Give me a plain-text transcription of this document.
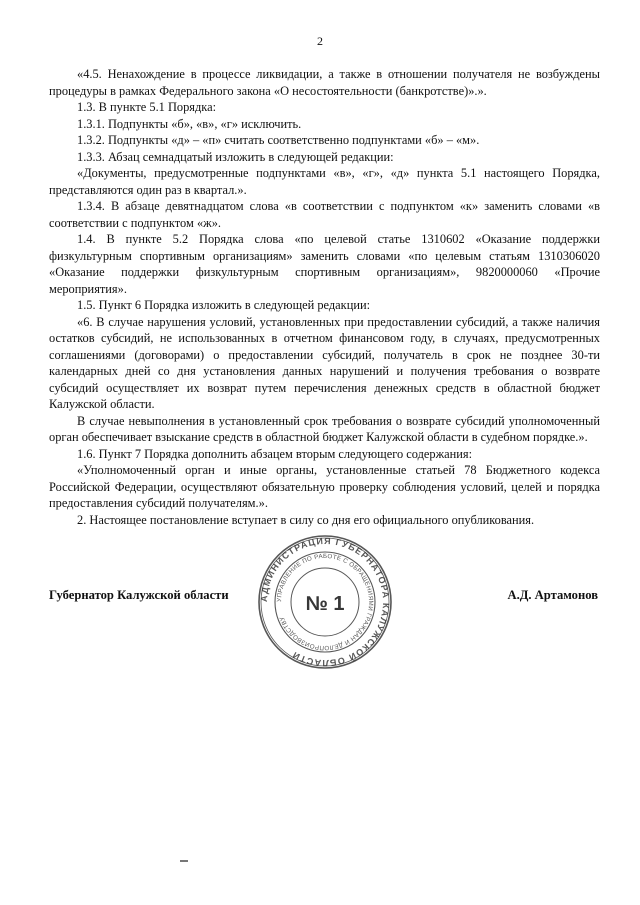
2

«4.5. Ненахождение в процессе ликвидации, а также в отношении получателя не возбуждены процедуры в рамках Федерального закона «О несостоятельности (банкротстве)».».

1.3. В пункте 5.1 Порядка:

1.3.1. Подпункты «б», «в», «г» исключить.

1.3.2. Подпункты «д» – «п» считать соответственно подпунктами «б» – «м».

1.3.3. Абзац семнадцатый изложить в следующей редакции:

«Документы, предусмотренные подпунктами «в», «г», «д» пункта 5.1 настоящего Порядка, представляются один раз в квартал.».

1.3.4. В абзаце девятнадцатом слова «в соответствии с подпунктом «к» заменить словами «в соответствии с подпунктом «ж».

1.4. В пункте 5.2 Порядка слова «по целевой статье 1310602 «Оказание поддержки физкультурным спортивным организациям» заменить словами «по целевым статьям 1310306020 «Оказание поддержки физкультурным спортивным организациям», 9820000060 «Прочие мероприятия».

1.5. Пункт 6 Порядка изложить в следующей редакции:

«6. В случае нарушения условий, установленных при предоставлении субсидий, а также наличия остатков субсидий, не использованных в отчетном финансовом году, в случаях, предусмотренных соглашениями (договорами) о предоставлении субсидий, получатель в срок не позднее 30-ти календарных дней со дня установления данных нарушений и получения требования о возврате субсидий осуществляет их возврат путем перечисления денежных средств в областной бюджет Калужской области.

В случае невыполнения в установленный срок требования о возврате субсидий уполномоченный орган обеспечивает взыскание средств в областной бюджет Калужской области в судебном порядке.».

1.6. Пункт 7 Порядка дополнить абзацем вторым следующего содержания:

«Уполномоченный орган и иные органы, установленные статьей 78 Бюджетного кодекса Российской Федерации, осуществляют обязательную проверку соблюдения условий, целей и порядка предоставления субсидий получателям.».

2. Настоящее постановление вступает в силу со дня его официального опубликования.

Губернатор Калужской области	А.Д. Артамонов
АДМИНИСТРАЦИЯ ГУБЕРНАТОРА КАЛУЖСКОЙ ОБЛАСТИ
УПРАВЛЕНИЕ ПО РАБОТЕ С ОБРАЩЕНИЯМИ ГРАЖДАН И ДЕЛОПРОИЗВОДСТВУ
№ 1
